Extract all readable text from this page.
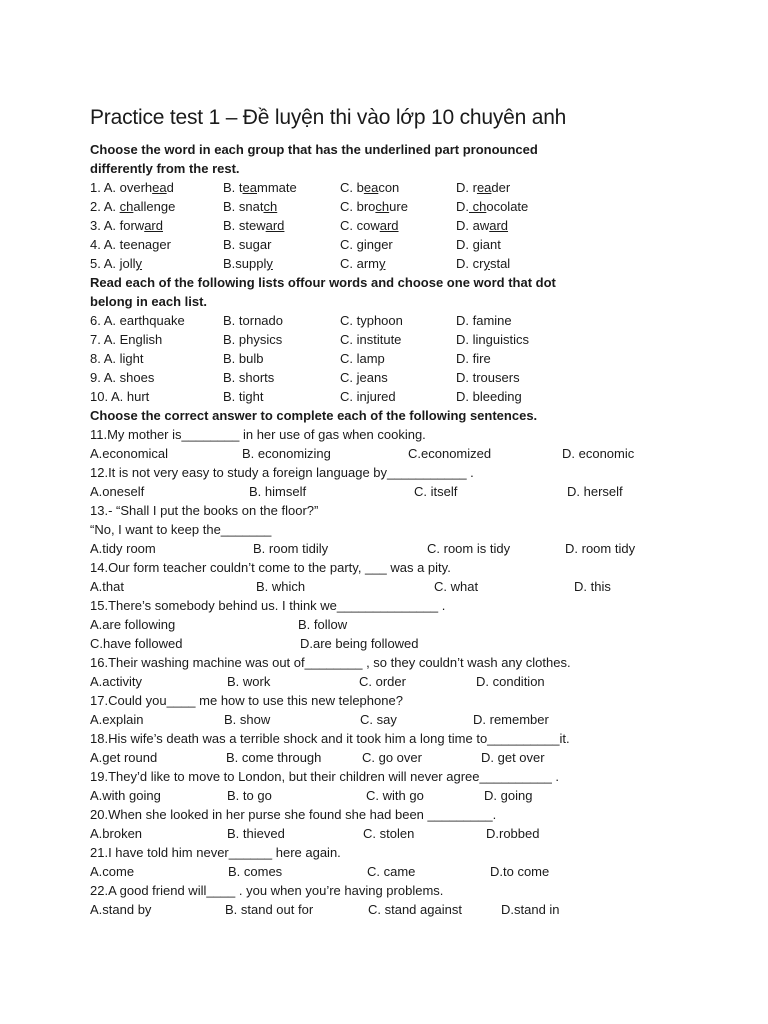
Practice test 1 – Đề luyện thi vào lớp 10 chuyên anh
Choose the word in each group that has the underlined part pronounced
differently from the rest.
1. A. overhead	B. teammate	C. beacon	D. reader
2. A. challenge	B. snatch	C. brochure	D. chocolate
3. A. forward	B. steward	C. coward	D. award
4. A. teenager	B. sugar	C. ginger	D. giant
5. A. jolly	B.supply	C. army	D. crystal
Read each of the following lists offour words and choose one word that dot
belong in each list.
6. A. earthquake	B. tornado	C. typhoon	D. famine
7. A. English	B. physics	C. institute	D. linguistics
8. A. light	B. bulb	C. lamp	D. fire
9. A. shoes	B. shorts	C. jeans	D. trousers
10. A. hurt	B. tight	C. injured	D. bleeding
Choose the correct answer to complete each of the following sentences.
11.My mother is________ in her use of gas when cooking.
A.economical	B. economizing	C.economized	D. economic
12.It is not very easy to study a foreign language by___________ .
A.oneself	B. himself	C. itself	D. herself
13.- “Shall I put the books on the floor?”
“No, I want to keep the_______
A.tidy room	B. room tidily	C. room is tidy	D. room tidy
14.Our form teacher couldn’t come to the party, ___ was a pity.
A.that	B. which	C. what	D. this
15.There’s somebody behind us. I think we______________ .
A.are following	B. follow
C.have followed	D.are being followed
16.Their washing machine was out of________ , so they couldn’t wash any clothes.
A.activity	B. work	C. order	D. condition
17.Could you____ me how to use this new telephone?
A.explain	B. show	C. say	D. remember
18.His wife’s death was a terrible shock and it took him a long time to__________it.
A.get round	B. come through	C. go over	D. get over
19.They’d like to move to London, but their children will never agree__________ .
A.with going	B. to go	C. with go	D. going
20.When she looked in her purse she found she had been _________.
A.broken	B. thieved	C. stolen	D.robbed
21.I have told him never______ here again.
A.come	B. comes	C. came	D.to come
22.A good friend will____ . you when you’re having problems.
A.stand by	B. stand out for	C. stand against	D.stand in
